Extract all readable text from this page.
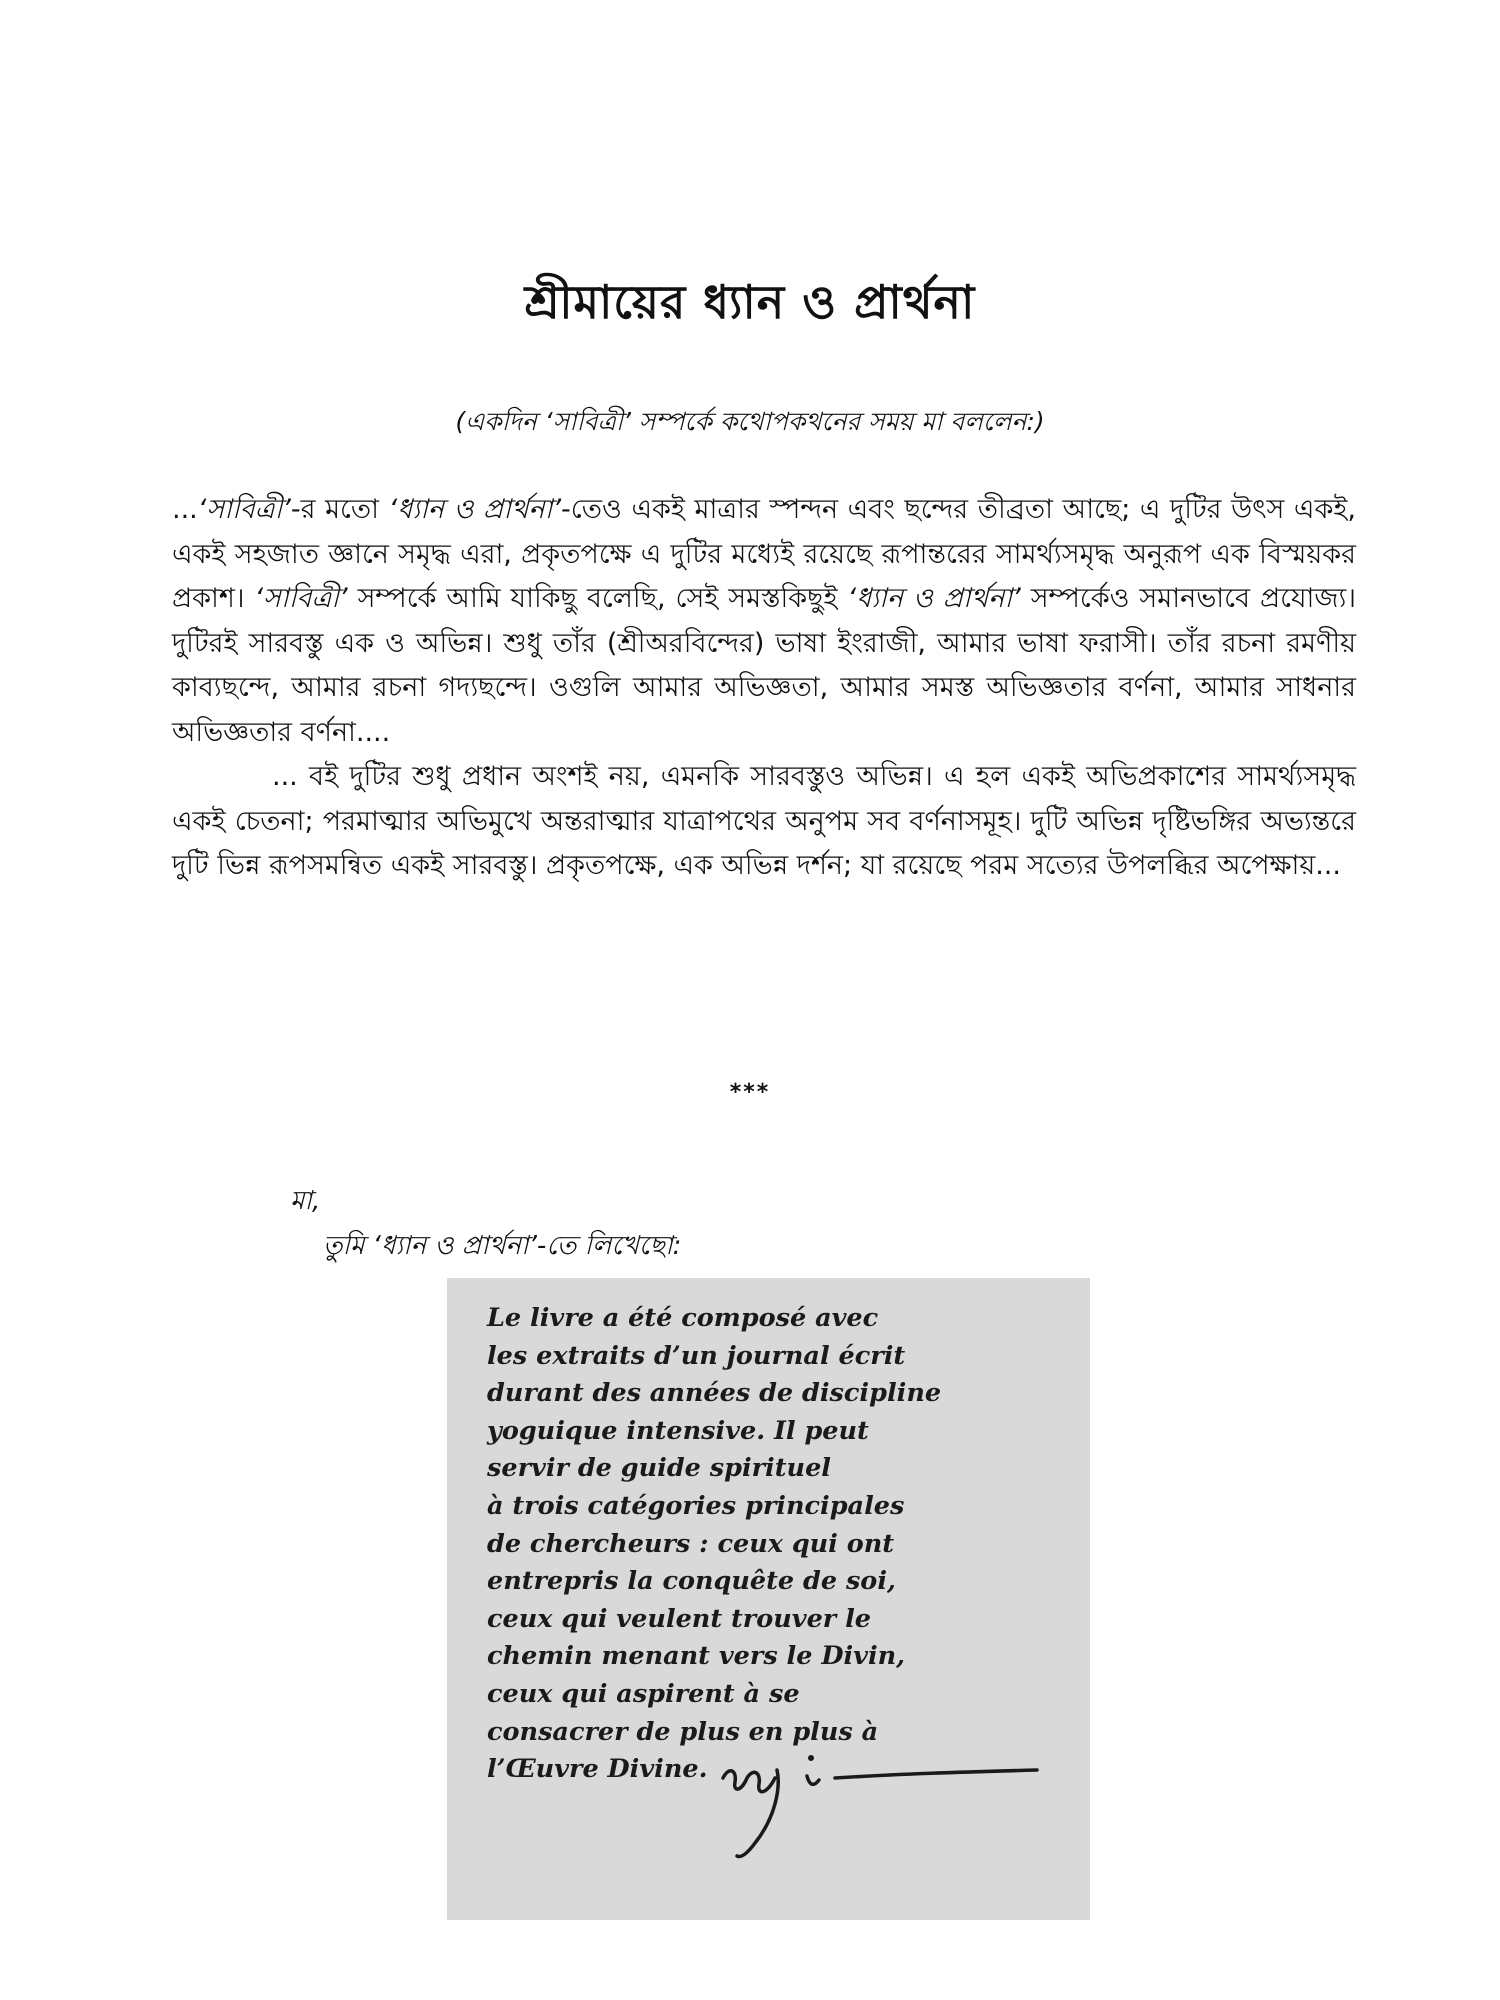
শ্রীমায়ের ধ্যান ও প্রার্থনা
(একদিন ‘সাবিত্রী’ সম্পর্কে কথোপকথনের সময় মা বললেন:)

...‘সাবিত্রী’-র মতো ‘ধ্যান ও প্রার্থনা’-তেও একই মাত্রার স্পন্দন এবং ছন্দের তীব্রতা আছে; এ দুটির উৎস একই, একই সহজাত জ্ঞানে সমৃদ্ধ এরা, প্রকৃতপক্ষে এ দুটির মধ্যেই রয়েছে রূপান্তরের সামর্থ্যসমৃদ্ধ অনুরূপ এক বিস্ময়কর প্রকাশ। ‘সাবিত্রী’ সম্পর্কে আমি যাকিছু বলেছি, সেই সমস্তকিছুই ‘ধ্যান ও প্রার্থনা’ সম্পর্কেও সমানভাবে প্রযোজ্য। দুটিরই সারবস্তু এক ও অভিন্ন। শুধু তাঁর (শ্রীঅরবিন্দের) ভাষা ইংরাজী, আমার ভাষা ফরাসী। তাঁর রচনা রমণীয় কাব্যছন্দে, আমার রচনা গদ্যছন্দে। ওগুলি আমার অভিজ্ঞতা, আমার সমস্ত অভিজ্ঞতার বর্ণনা, আমার সাধনার অভিজ্ঞতার বর্ণনা....

... বই দুটির শুধু প্রধান অংশই নয়, এমনকি সারবস্তুও অভিন্ন। এ হল একই অভিপ্রকাশের সামর্থ্যসমৃদ্ধ একই চেতনা; পরমাত্মার অভিমুখে অন্তরাত্মার যাত্রাপথের অনুপম সব বর্ণনাসমূহ। দুটি অভিন্ন দৃষ্টিভঙ্গির অভ্যন্তরে দুটি ভিন্ন রূপসমন্বিত একই সারবস্তু। প্রকৃতপক্ষে, এক অভিন্ন দর্শন; যা রয়েছে পরম সত্যের উপলব্ধির অপেক্ষায়...

***
মা,
তুমি ‘ধ্যান ও প্রার্থনা’-তে লিখেছো:
Le livre a été composé avec
les extraits d’un journal écrit
durant des années de discipline
yoguique intensive. Il peut
servir de guide spirituel
à trois catégories principales
de chercheurs : ceux qui ont
entrepris la conquête de soi,
ceux qui veulent trouver le
chemin menant vers le Divin,
ceux qui aspirent à se
consacrer de plus en plus à
l’Œuvre Divine.
